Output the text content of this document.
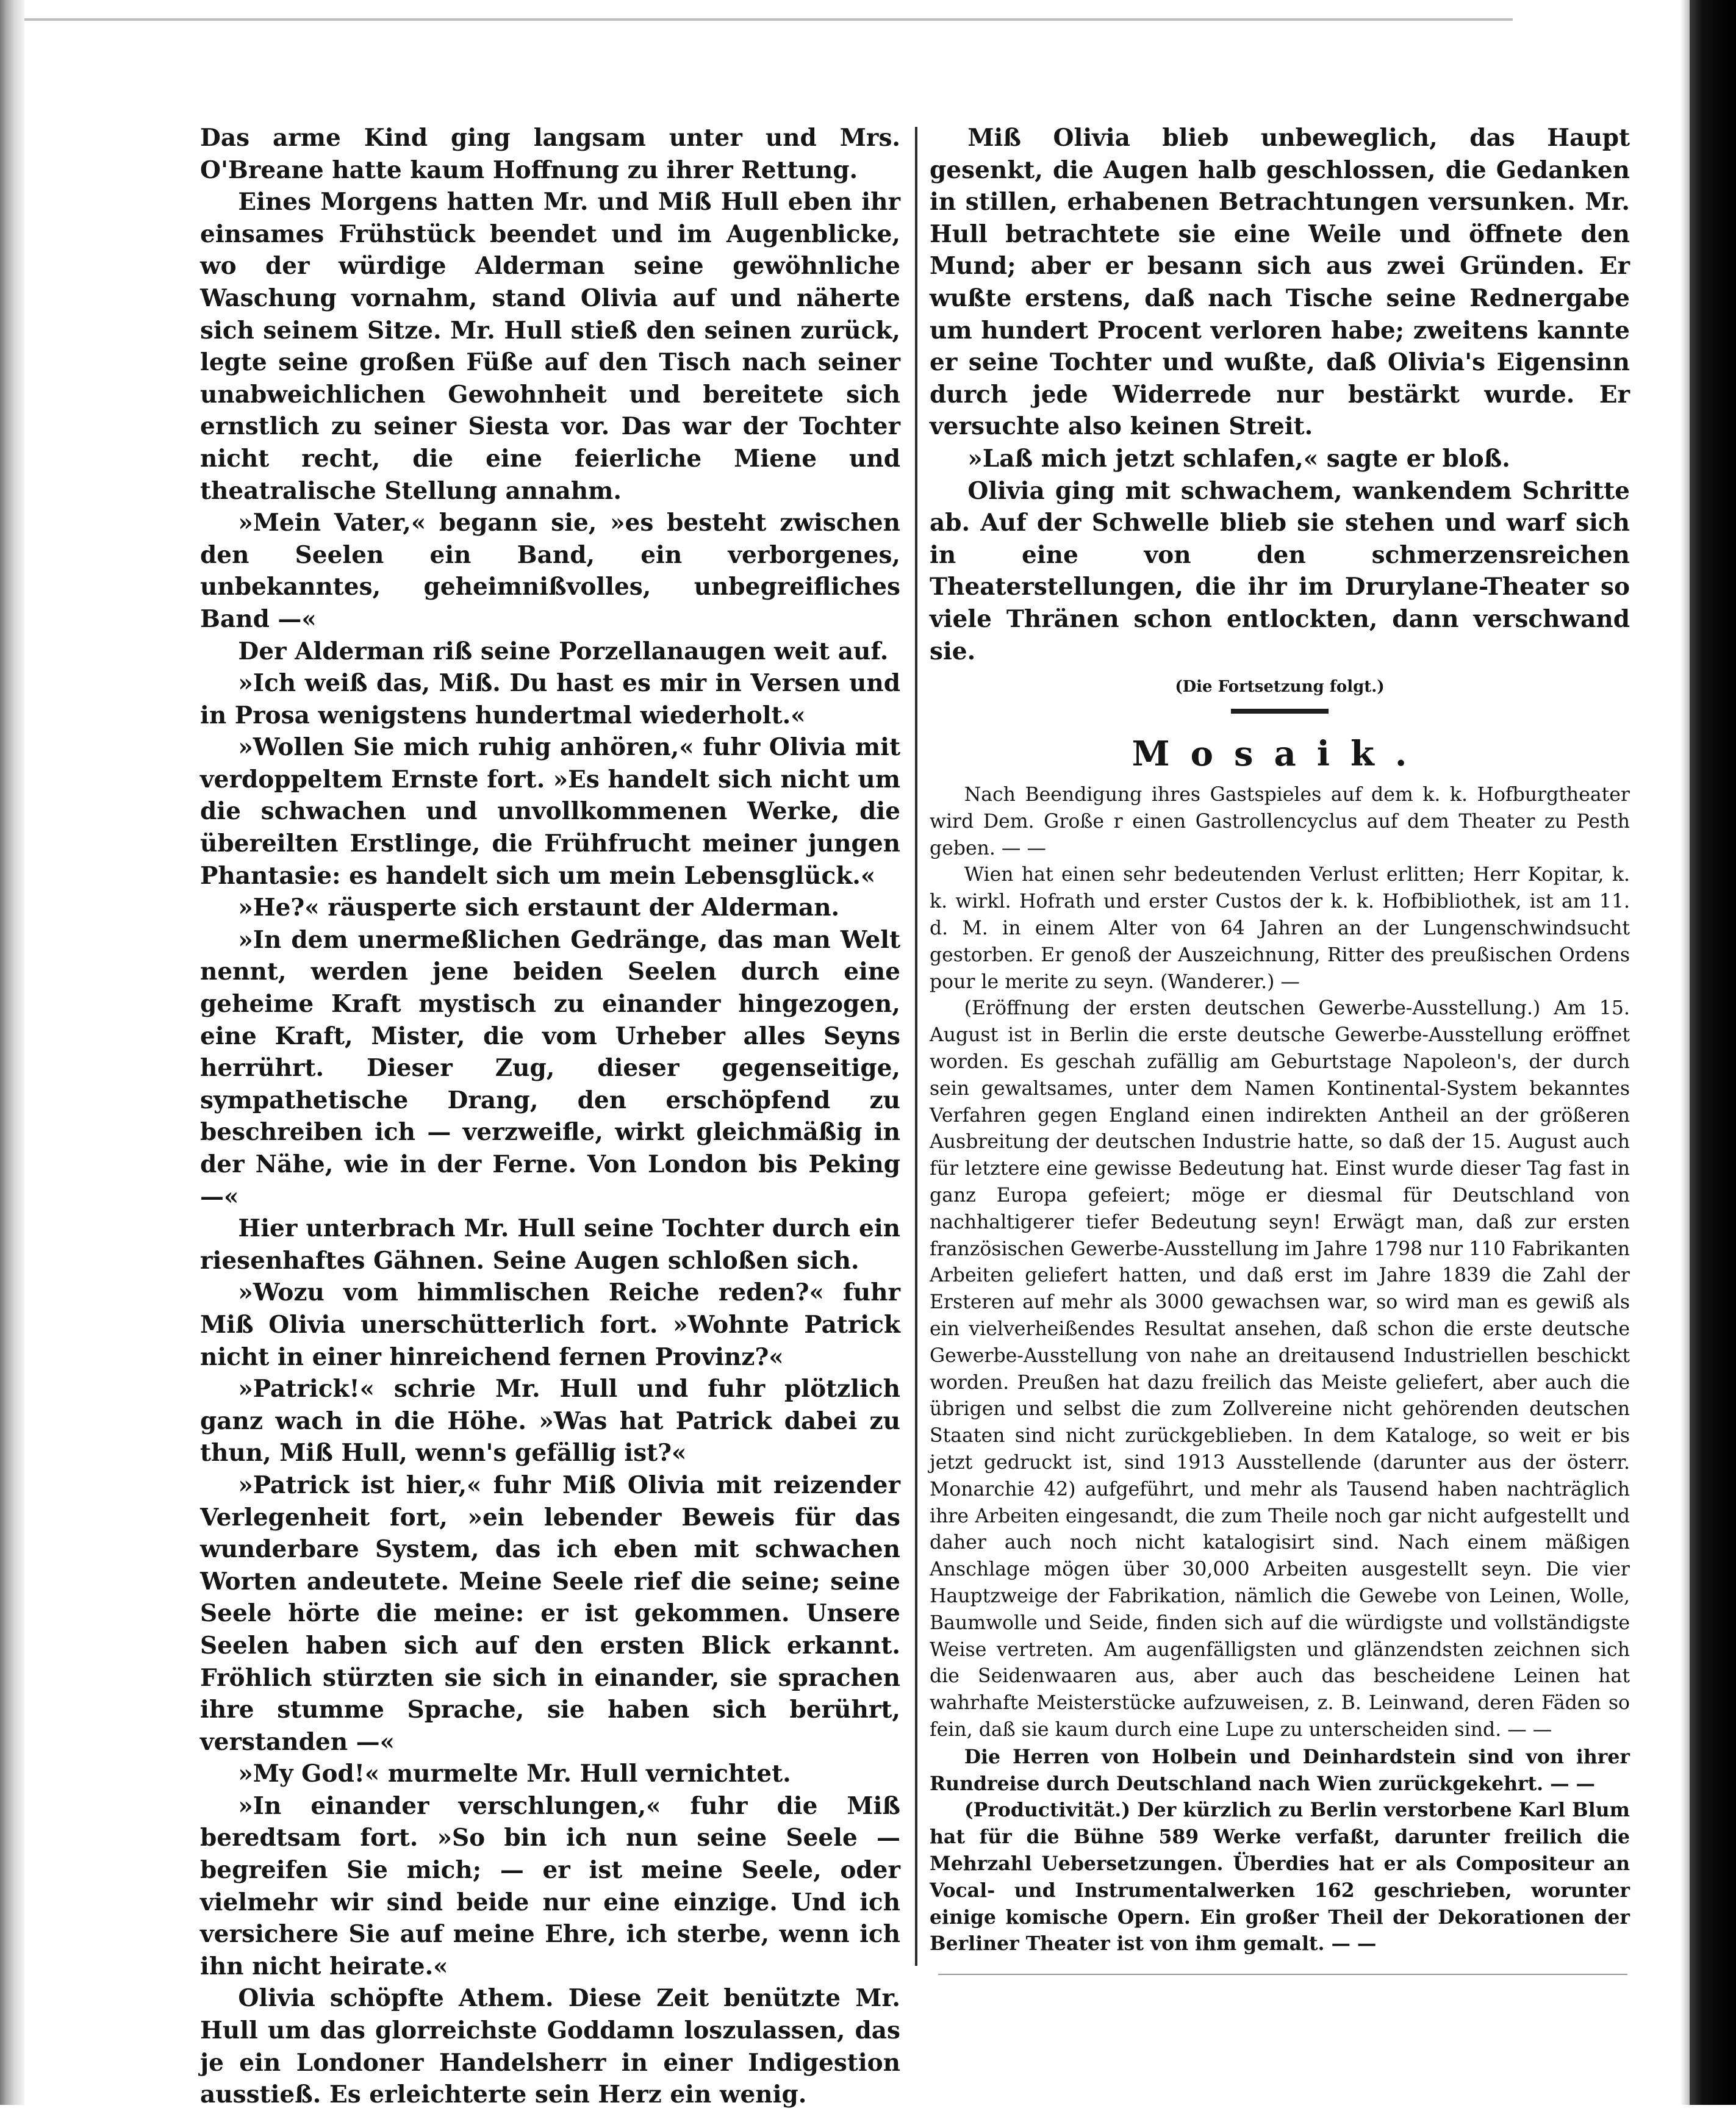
Das arme Kind ging langsam unter und Mrs. O'Breane hatte kaum Hoffnung zu ihrer Rettung.

Eines Morgens hatten Mr. und Miß Hull eben ihr einsames Frühstück beendet und im Augenblicke, wo der würdige Alderman seine gewöhnliche Waschung vornahm, stand Olivia auf und näherte sich seinem Sitze. Mr. Hull stieß den seinen zurück, legte seine großen Füße auf den Tisch nach seiner unabweichlichen Gewohnheit und bereitete sich ernstlich zu seiner Siesta vor. Das war der Tochter nicht recht, die eine feierliche Miene und theatralische Stellung annahm.

»Mein Vater,« begann sie, »es besteht zwischen den Seelen ein Band, ein verborgenes, unbekanntes, geheimnißvolles, unbegreifliches Band —«

Der Alderman riß seine Porzellanaugen weit auf.

»Ich weiß das, Miß. Du hast es mir in Versen und in Prosa wenigstens hundertmal wiederholt.«

»Wollen Sie mich ruhig anhören,« fuhr Olivia mit verdoppeltem Ernste fort. »Es handelt sich nicht um die schwachen und unvollkommenen Werke, die übereilten Erstlinge, die Frühfrucht meiner jungen Phantasie: es handelt sich um mein Lebensglück.«

»He?« räusperte sich erstaunt der Alderman.

»In dem unermeßlichen Gedränge, das man Welt nennt, werden jene beiden Seelen durch eine geheime Kraft mystisch zu einander hingezogen, eine Kraft, Mister, die vom Urheber alles Seyns herrührt. Dieser Zug, dieser gegenseitige, sympathetische Drang, den erschöpfend zu beschreiben ich — verzweifle, wirkt gleichmäßig in der Nähe, wie in der Ferne. Von London bis Peking —«

Hier unterbrach Mr. Hull seine Tochter durch ein riesenhaftes Gähnen. Seine Augen schloßen sich.

»Wozu vom himmlischen Reiche reden?« fuhr Miß Olivia unerschütterlich fort. »Wohnte Patrick nicht in einer hinreichend fernen Provinz?«

»Patrick!« schrie Mr. Hull und fuhr plötzlich ganz wach in die Höhe. »Was hat Patrick dabei zu thun, Miß Hull, wenn's gefällig ist?«

»Patrick ist hier,« fuhr Miß Olivia mit reizender Verlegenheit fort, »ein lebender Beweis für das wunderbare System, das ich eben mit schwachen Worten andeutete. Meine Seele rief die seine; seine Seele hörte die meine: er ist gekommen. Unsere Seelen haben sich auf den ersten Blick erkannt. Fröhlich stürzten sie sich in einander, sie sprachen ihre stumme Sprache, sie haben sich berührt, verstanden —«

»My God!« murmelte Mr. Hull vernichtet.

»In einander verschlungen,« fuhr die Miß beredtsam fort. »So bin ich nun seine Seele — begreifen Sie mich; — er ist meine Seele, oder vielmehr wir sind beide nur eine einzige. Und ich versichere Sie auf meine Ehre, ich sterbe, wenn ich ihn nicht heirate.«

Olivia schöpfte Athem. Diese Zeit benützte Mr. Hull um das glorreichste Goddamn loszulassen, das je ein Londoner Handelsherr in einer Indigestion ausstieß. Es erleichterte sein Herz ein wenig.

Miß Olivia blieb unbeweglich, das Haupt gesenkt, die Augen halb geschlossen, die Gedanken in stillen, erhabenen Betrachtungen versunken. Mr. Hull betrachtete sie eine Weile und öffnete den Mund; aber er besann sich aus zwei Gründen. Er wußte erstens, daß nach Tische seine Rednergabe um hundert Procent verloren habe; zweitens kannte er seine Tochter und wußte, daß Olivia's Eigensinn durch jede Widerrede nur bestärkt wurde. Er versuchte also keinen Streit.

»Laß mich jetzt schlafen,« sagte er bloß.

Olivia ging mit schwachem, wankendem Schritte ab. Auf der Schwelle blieb sie stehen und warf sich in eine von den schmerzensreichen Theaterstellungen, die ihr im Drurylane-Theater so viele Thränen schon entlockten, dann verschwand sie.

(Die Fortsetzung folgt.)

Mosaik.

Nach Beendigung ihres Gastspieles auf dem k. k. Hofburgtheater wird Dem. Große r einen Gastrollencyclus auf dem Theater zu Pesth geben. — —

Wien hat einen sehr bedeutenden Verlust erlitten; Herr Kopitar, k. k. wirkl. Hofrath und erster Custos der k. k. Hofbibliothek, ist am 11. d. M. in einem Alter von 64 Jahren an der Lungenschwindsucht gestorben. Er genoß der Auszeichnung, Ritter des preußischen Ordens pour le merite zu seyn. (Wanderer.) —

(Eröffnung der ersten deutschen Gewerbe-Ausstellung.) Am 15. August ist in Berlin die erste deutsche Gewerbe-Ausstellung eröffnet worden. Es geschah zufällig am Geburtstage Napoleon's, der durch sein gewaltsames, unter dem Namen Kontinental-System bekanntes Verfahren gegen England einen indirekten Antheil an der größeren Ausbreitung der deutschen Industrie hatte, so daß der 15. August auch für letztere eine gewisse Bedeutung hat. Einst wurde dieser Tag fast in ganz Europa gefeiert; möge er diesmal für Deutschland von nachhaltigerer tiefer Bedeutung seyn! Erwägt man, daß zur ersten französischen Gewerbe-Ausstellung im Jahre 1798 nur 110 Fabrikanten Arbeiten geliefert hatten, und daß erst im Jahre 1839 die Zahl der Ersteren auf mehr als 3000 gewachsen war, so wird man es gewiß als ein vielverheißendes Resultat ansehen, daß schon die erste deutsche Gewerbe-Ausstellung von nahe an dreitausend Industriellen beschickt worden. Preußen hat dazu freilich das Meiste geliefert, aber auch die übrigen und selbst die zum Zollvereine nicht gehörenden deutschen Staaten sind nicht zurückgeblieben. In dem Kataloge, so weit er bis jetzt gedruckt ist, sind 1913 Ausstellende (darunter aus der österr. Monarchie 42) aufgeführt, und mehr als Tausend haben nachträglich ihre Arbeiten eingesandt, die zum Theile noch gar nicht aufgestellt und daher auch noch nicht katalogisirt sind. Nach einem mäßigen Anschlage mögen über 30,000 Arbeiten ausgestellt seyn. Die vier Hauptzweige der Fabrikation, nämlich die Gewebe von Leinen, Wolle, Baumwolle und Seide, finden sich auf die würdigste und vollständigste Weise vertreten. Am augenfälligsten und glänzendsten zeichnen sich die Seidenwaaren aus, aber auch das bescheidene Leinen hat wahrhafte Meisterstücke aufzuweisen, z. B. Leinwand, deren Fäden so fein, daß sie kaum durch eine Lupe zu unterscheiden sind. — —

Die Herren von Holbein und Deinhardstein sind von ihrer Rundreise durch Deutschland nach Wien zurückgekehrt. — —

(Productivität.) Der kürzlich zu Berlin verstorbene Karl Blum hat für die Bühne 589 Werke verfaßt, darunter freilich die Mehrzahl Uebersetzungen. Überdies hat er als Compositeur an Vocal- und Instrumentalwerken 162 geschrieben, worunter einige komische Opern. Ein großer Theil der Dekorationen der Berliner Theater ist von ihm gemalt. — —
